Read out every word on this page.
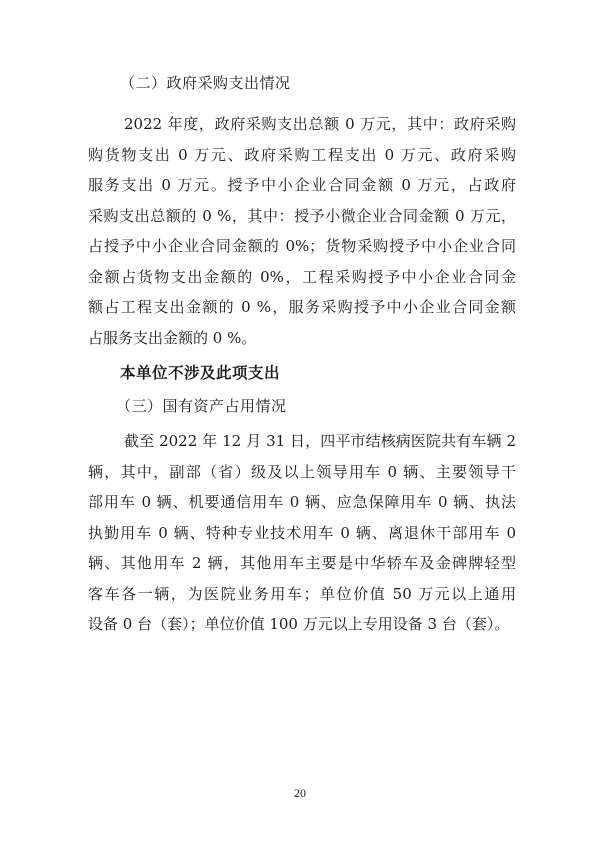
（二）政府采购支出情况
2022 年度，政府采购支出总额 0 万元，其中：政府采购
购货物支出 0 万元、政府采购工程支出 0 万元、政府采购
服务支出 0 万元。授予中小企业合同金额 0 万元，占政府
采购支出总额的 0 %，其中：授予小微企业合同金额 0 万元，
占授予中小企业合同金额的 0%；货物采购授予中小企业合同
金额占货物支出金额的 0%，工程采购授予中小企业合同金
额占工程支出金额的 0 %，服务采购授予中小企业合同金额
占服务支出金额的 0 %。
本单位不涉及此项支出
（三）国有资产占用情况
截至 2022 年 12 月 31 日，四平市结核病医院共有车辆 2
辆，其中，副部（省）级及以上领导用车 0 辆、主要领导干
部用车 0 辆、机要通信用车 0 辆、应急保障用车 0 辆、执法
执勤用车 0 辆、特种专业技术用车 0 辆、离退休干部用车 0
辆、其他用车 2 辆，其他用车主要是中华轿车及金碑牌轻型
客车各一辆，为医院业务用车；单位价值 50 万元以上通用
设备 0 台（套）；单位价值 100 万元以上专用设备 3 台（套）。
20
